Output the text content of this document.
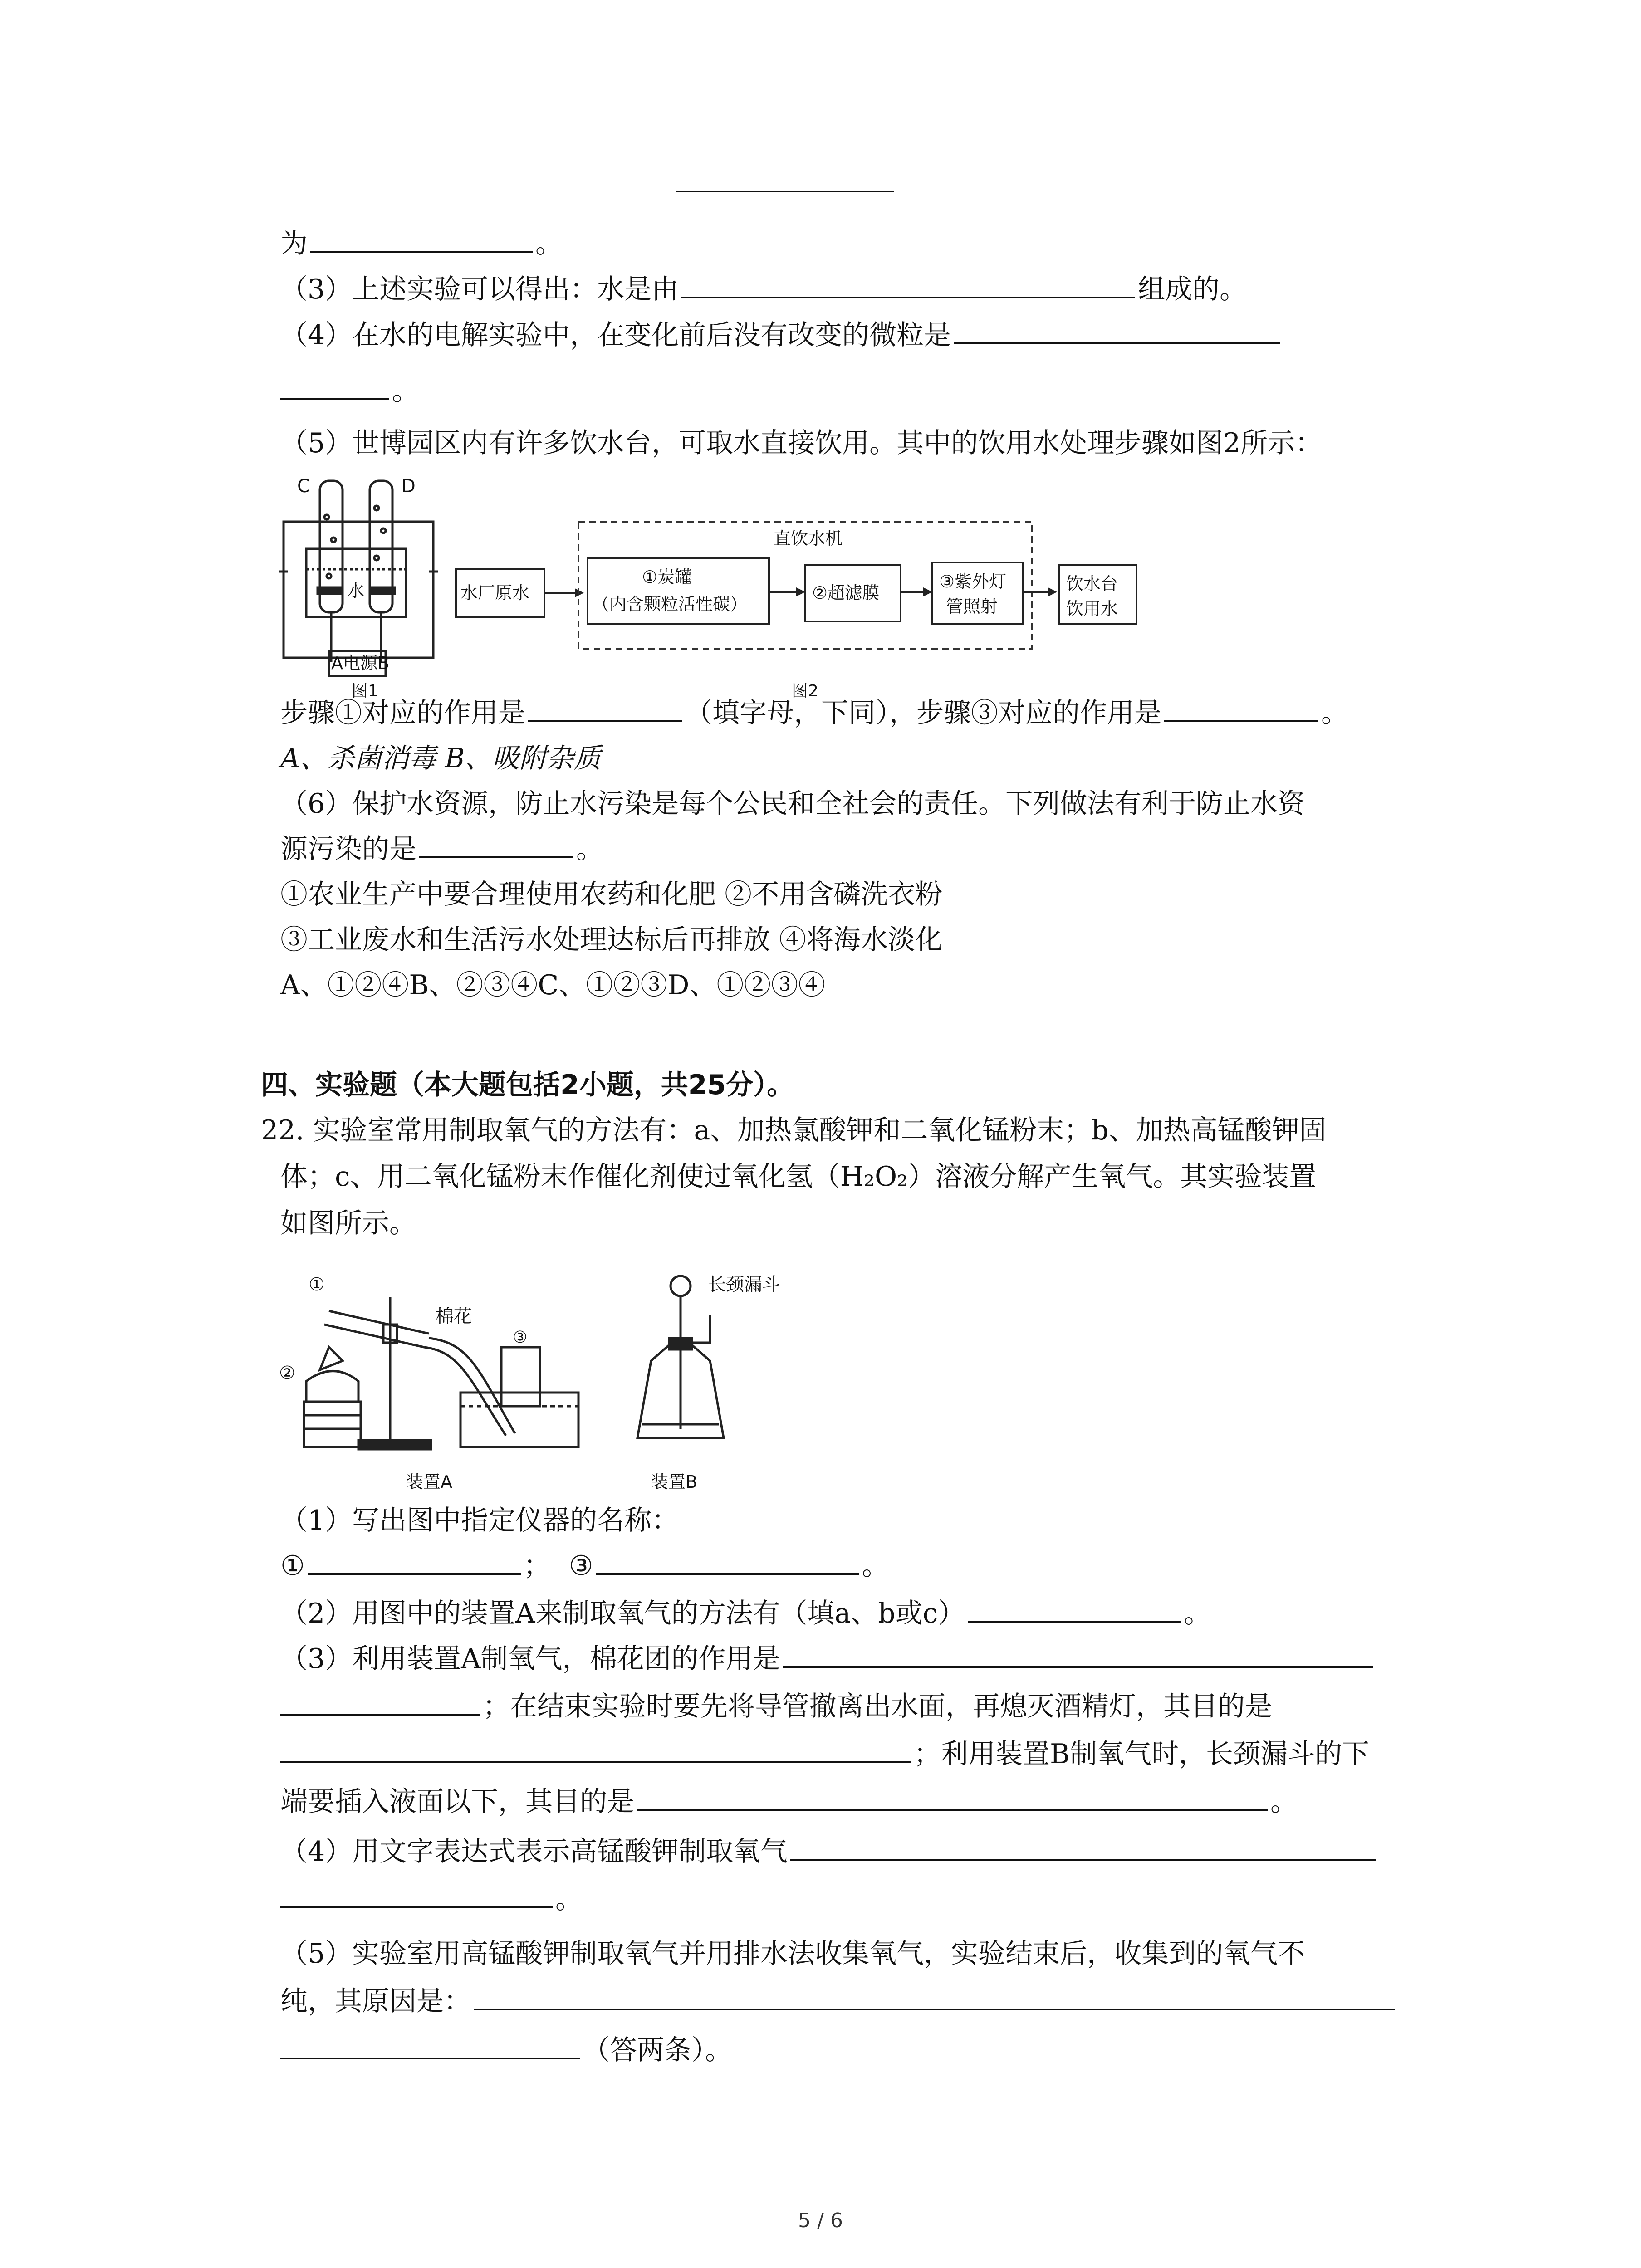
为	。
（3）上述实验可以得出：水是由	组成的。
（4）在水的电解实验中，在变化前后没有改变的微粒是
。
（5）世博园区内有许多饮水台，可取水直接饮用。其中的饮用水处理步骤如图2所示：
C	D
水
A电源B
图1
水厂原水
直饮水机
①炭罐
（内含颗粒活性碳）
②超滤膜
③紫外灯
管照射
饮水台
饮用水
图2
步骤①对应的作用是	（填字母，下同），步骤③对应的作用是	。
A、杀菌消毒 B、吸附杂质
（6）保护水资源，防止水污染是每个公民和全社会的责任。下列做法有利于防止水资
源污染的是	。
①农业生产中要合理使用农药和化肥 ②不用含磷洗衣粉
③工业废水和生活污水处理达标后再排放 ④将海水淡化
A、①②④B、②③④C、①②③D、①②③④
四、实验题（本大题包括2小题，共25分）。
22. 实验室常用制取氧气的方法有：a、加热氯酸钾和二氧化锰粉末；b、加热高锰酸钾固
体；c、用二氧化锰粉末作催化剂使过氧化氢（H₂O₂）溶液分解产生氧气。其实验装置
如图所示。
①
②
③
棉花
长颈漏斗
装置A	装置B
（1）写出图中指定仪器的名称：
①	； ③	。
（2）用图中的装置A来制取氧气的方法有（填a、b或c）	。
（3）利用装置A制氧气，棉花团的作用是
；在结束实验时要先将导管撤离出水面，再熄灭酒精灯，其目的是
；利用装置B制氧气时，长颈漏斗的下
端要插入液面以下，其目的是	。
（4）用文字表达式表示高锰酸钾制取氧气
。
（5）实验室用高锰酸钾制取氧气并用排水法收集氧气，实验结束后，收集到的氧气不
纯，其原因是：
（答两条）。
5 / 6
